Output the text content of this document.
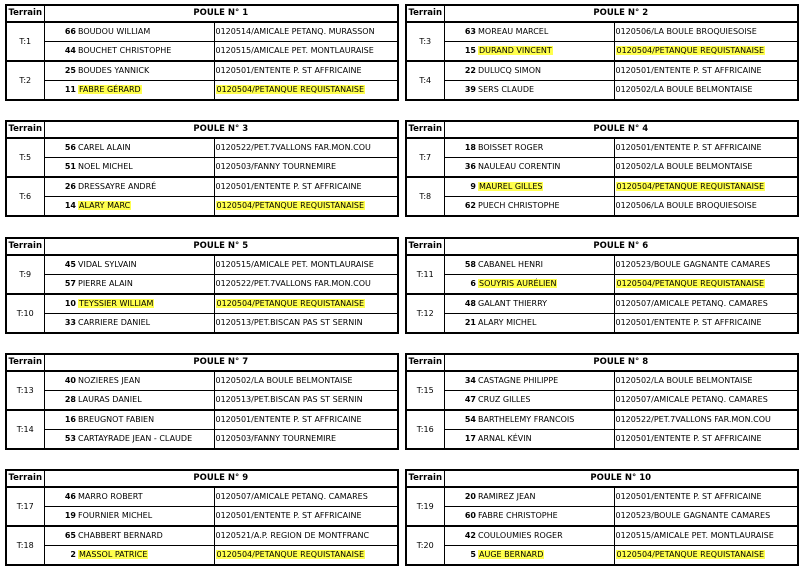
Terrain	POULE N° 1		
T:1	66	BOUDOU WILLIAM	0120514/AMICALE PETANQ. MURASSON
	44	BOUCHET CHRISTOPHE	0120515/AMICALE PET. MONTLAURAISE
T:2	25	BOUDES YANNICK	0120501/ENTENTE P. ST AFFRICAINE
	11	FABRE GÉRARD	0120504/PETANQUE REQUISTANAISE
Terrain	POULE N° 2		
T:3	63	MOREAU MARCEL	0120506/LA BOULE BROQUIESOISE
	15	DURAND VINCENT	0120504/PETANQUE REQUISTANAISE
T:4	22	DULUCQ SIMON	0120501/ENTENTE P. ST AFFRICAINE
	39	SERS CLAUDE	0120502/LA BOULE BELMONTAISE
Terrain	POULE N° 3		
T:5	56	CAREL ALAIN	0120522/PET.7VALLONS FAR.MON.COU
	51	NOEL MICHEL	0120503/FANNY TOURNEMIRE
T:6	26	DRESSAYRE ANDRÉ	0120501/ENTENTE P. ST AFFRICAINE
	14	ALARY MARC	0120504/PETANQUE REQUISTANAISE
Terrain	POULE N° 4		
T:7	18	BOISSET ROGER	0120501/ENTENTE P. ST AFFRICAINE
	36	NAULEAU CORENTIN	0120502/LA BOULE BELMONTAISE
T:8	9	MAUREL GILLES	0120504/PETANQUE REQUISTANAISE
	62	PUECH CHRISTOPHE	0120506/LA BOULE BROQUIESOISE
Terrain	POULE N° 5		
T:9	45	VIDAL SYLVAIN	0120515/AMICALE PET. MONTLAURAISE
	57	PIERRE ALAIN	0120522/PET.7VALLONS FAR.MON.COU
T:10	10	TEYSSIER WILLIAM	0120504/PETANQUE REQUISTANAISE
	33	CARRIERE DANIEL	0120513/PET.BISCAN PAS ST SERNIN
Terrain	POULE N° 6		
T:11	58	CABANEL HENRI	0120523/BOULE GAGNANTE CAMARES
	6	SOUYRIS AURÉLIEN	0120504/PETANQUE REQUISTANAISE
T:12	48	GALANT THIERRY	0120507/AMICALE PETANQ. CAMARES
	21	ALARY MICHEL	0120501/ENTENTE P. ST AFFRICAINE
Terrain	POULE N° 7		
T:13	40	NOZIERES JEAN	0120502/LA BOULE BELMONTAISE
	28	LAURAS DANIEL	0120513/PET.BISCAN PAS ST SERNIN
T:14	16	BREUGNOT FABIEN	0120501/ENTENTE P. ST AFFRICAINE
	53	CARTAYRADE JEAN - CLAUDE	0120503/FANNY TOURNEMIRE
Terrain	POULE N° 8		
T:15	34	CASTAGNE PHILIPPE	0120502/LA BOULE BELMONTAISE
	47	CRUZ GILLES	0120507/AMICALE PETANQ. CAMARES
T:16	54	BARTHELEMY FRANCOIS	0120522/PET.7VALLONS FAR.MON.COU
	17	ARNAL KÉVIN	0120501/ENTENTE P. ST AFFRICAINE
Terrain	POULE N° 9		
T:17	46	MARRO ROBERT	0120507/AMICALE PETANQ. CAMARES
	19	FOURNIER MICHEL	0120501/ENTENTE P. ST AFFRICAINE
T:18	65	CHABBERT BERNARD	0120521/A.P. REGION DE MONTFRANC
	2	MASSOL PATRICE	0120504/PETANQUE REQUISTANAISE
Terrain	POULE N° 10		
T:19	20	RAMIREZ JEAN	0120501/ENTENTE P. ST AFFRICAINE
	60	FABRE CHRISTOPHE	0120523/BOULE GAGNANTE CAMARES
T:20	42	COULOUMIES ROGER	0120515/AMICALE PET. MONTLAURAISE
	5	AUGE BERNARD	0120504/PETANQUE REQUISTANAISE
